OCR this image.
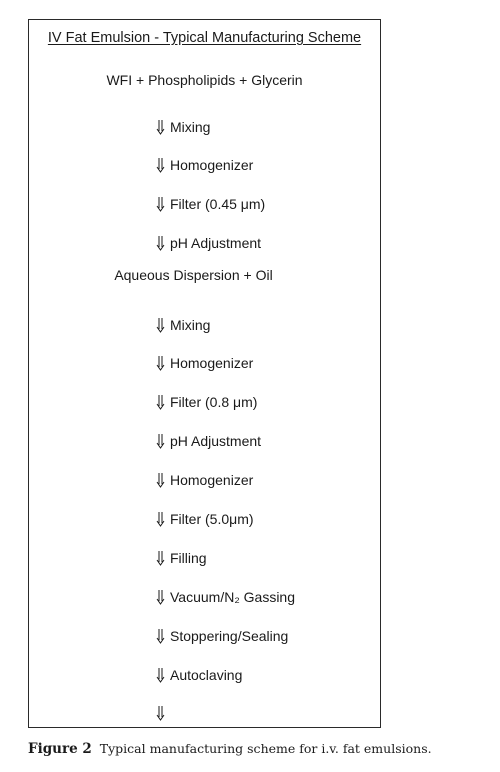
IV Fat Emulsion - Typical Manufacturing Scheme
WFI + Phospholipids + Glycerin
Mixing
Homogenizer
Filter (0.45 μm)
pH Adjustment
Aqueous Dispersion + Oil
Mixing
Homogenizer
Filter (0.8 μm)
pH Adjustment
Homogenizer
Filter (5.0μm)
Filling
Vacuum/N₂ Gassing
Stoppering/Sealing
Autoclaving
Figure 2 Typical manufacturing scheme for i.v. fat emulsions.
